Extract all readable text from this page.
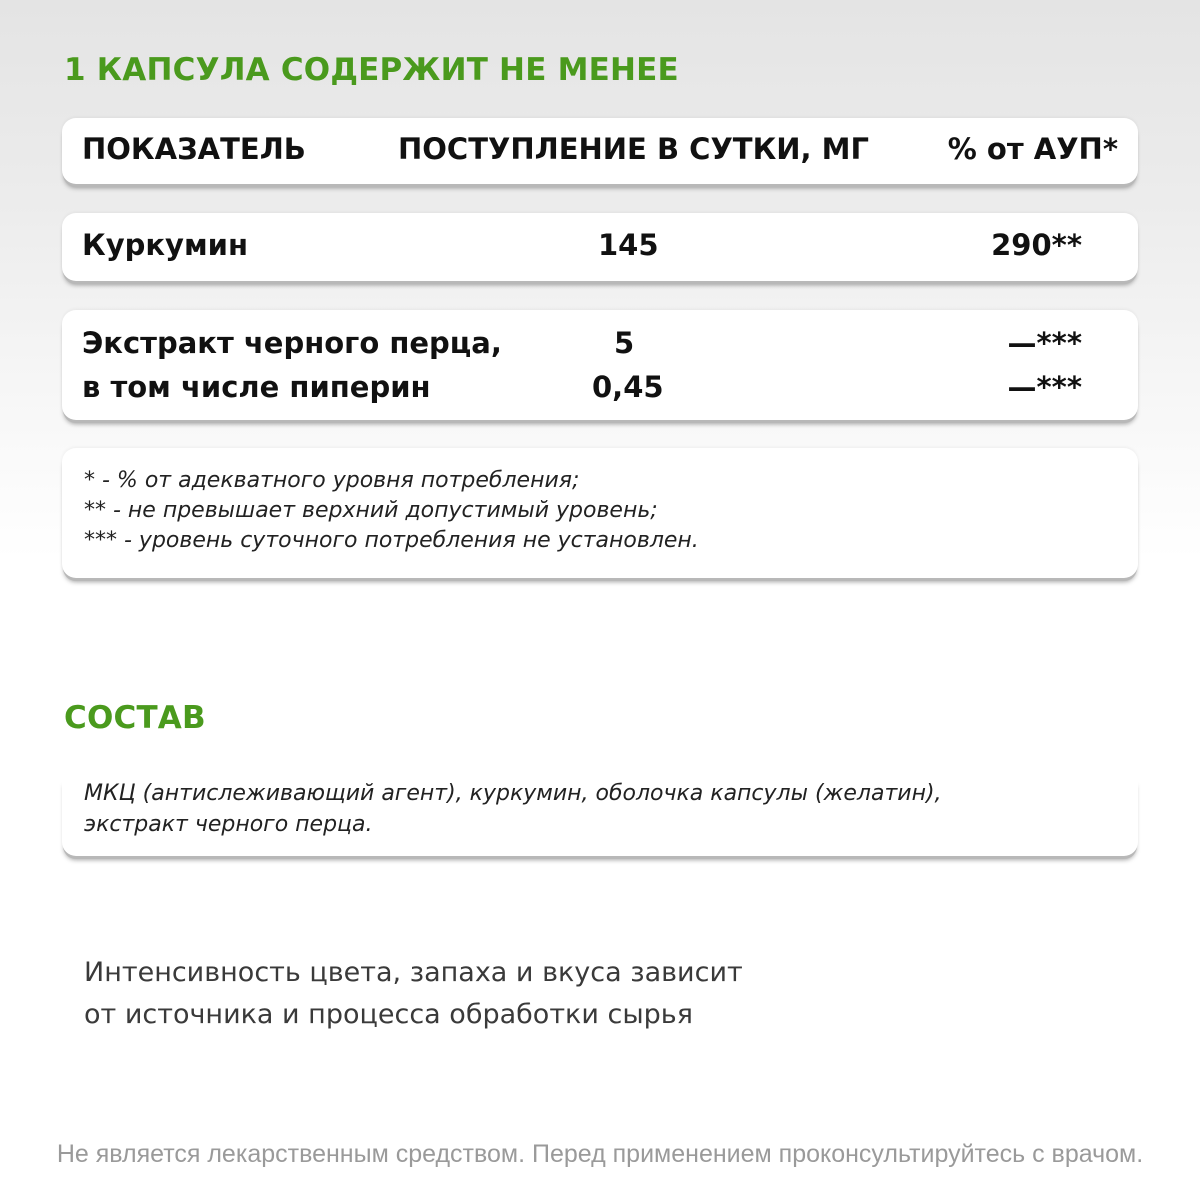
1 КАПСУЛА СОДЕРЖИТ НЕ МЕНЕЕ
ПОКАЗАТЕЛЬ	ПОСТУПЛЕНИЕ В СУТКИ, МГ	% от АУП*
Куркумин	145	290**
Экстракт черного перца,	5	—***
в том числе пиперин	0,45	—***
* - % от адекватного уровня потребления;
** - не превышает верхний допустимый уровень;
*** - уровень суточного потребления не установлен.
СОСТАВ
МКЦ (антислеживающий агент), куркумин, оболочка капсулы (желатин),
экстракт черного перца.
Интенсивность цвета, запаха и вкуса зависит
от источника и процесса обработки сырья
Не является лекарственным средством. Перед применением проконсультируйтесь с врачом.
